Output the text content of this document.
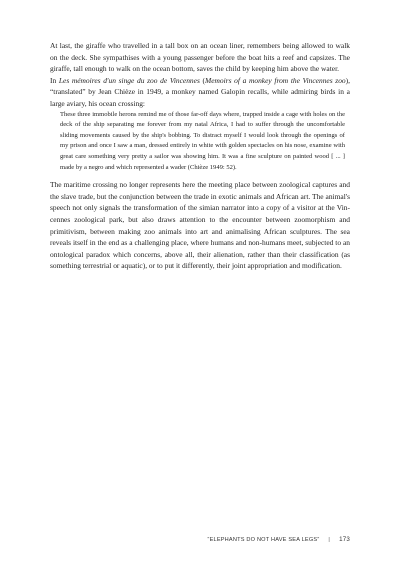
At last, the giraffe who travelled in a tall box on an ocean liner, remembers being allowed to walk on the deck. She sympathises with a young passenger before the boat hits a reef and capsizes. The giraffe, tall enough to walk on the ocean bottom, saves the child by keeping him above the water.

In Les mémoires d'un singe du zoo de Vincennes (Memoirs of a monkey from the Vincennes zoo), “translated” by Jean Chièze in 1949, a monkey named Galopin recalls, while admiring birds in a large aviary, his ocean crossing:

These three immobile herons remind me of those far-off days where, trapped inside a cage with holes on the deck of the ship separating me forever from my natal Africa, I had to suffer through the uncomfortable sliding movements caused by the ship's bobbing. To distract myself I would look through the openings of my prison and once I saw a man, dressed entirely in white with golden spectacles on his nose, examine with great care something very pretty a sailor was showing him. It was a fine sculpture on painted wood [ ... ] made by a negro and which represented a wader (Chièze 1949: 52).

The maritime crossing no longer represents here the meeting place between zoological captures and the slave trade, but the conjunction between the trade in exotic animals and African art. The animal's speech not only signals the transformation of the simian narrator into a copy of a visitor at the Vincennes zoological park, but also draws attention to the encounter between zoomorphism and primitivism, between making zoo animals into art and animalising African sculptures. The sea reveals itself in the end as a challenging place, where humans and non-humans meet, subjected to an ontological paradox which concerns, above all, their alienation, rather than their classification (as something terrestrial or aquatic), or to put it differently, their joint appropriation and modification.

“ELEPHANTS DO NOT HAVE SEA LEGS” | 173
